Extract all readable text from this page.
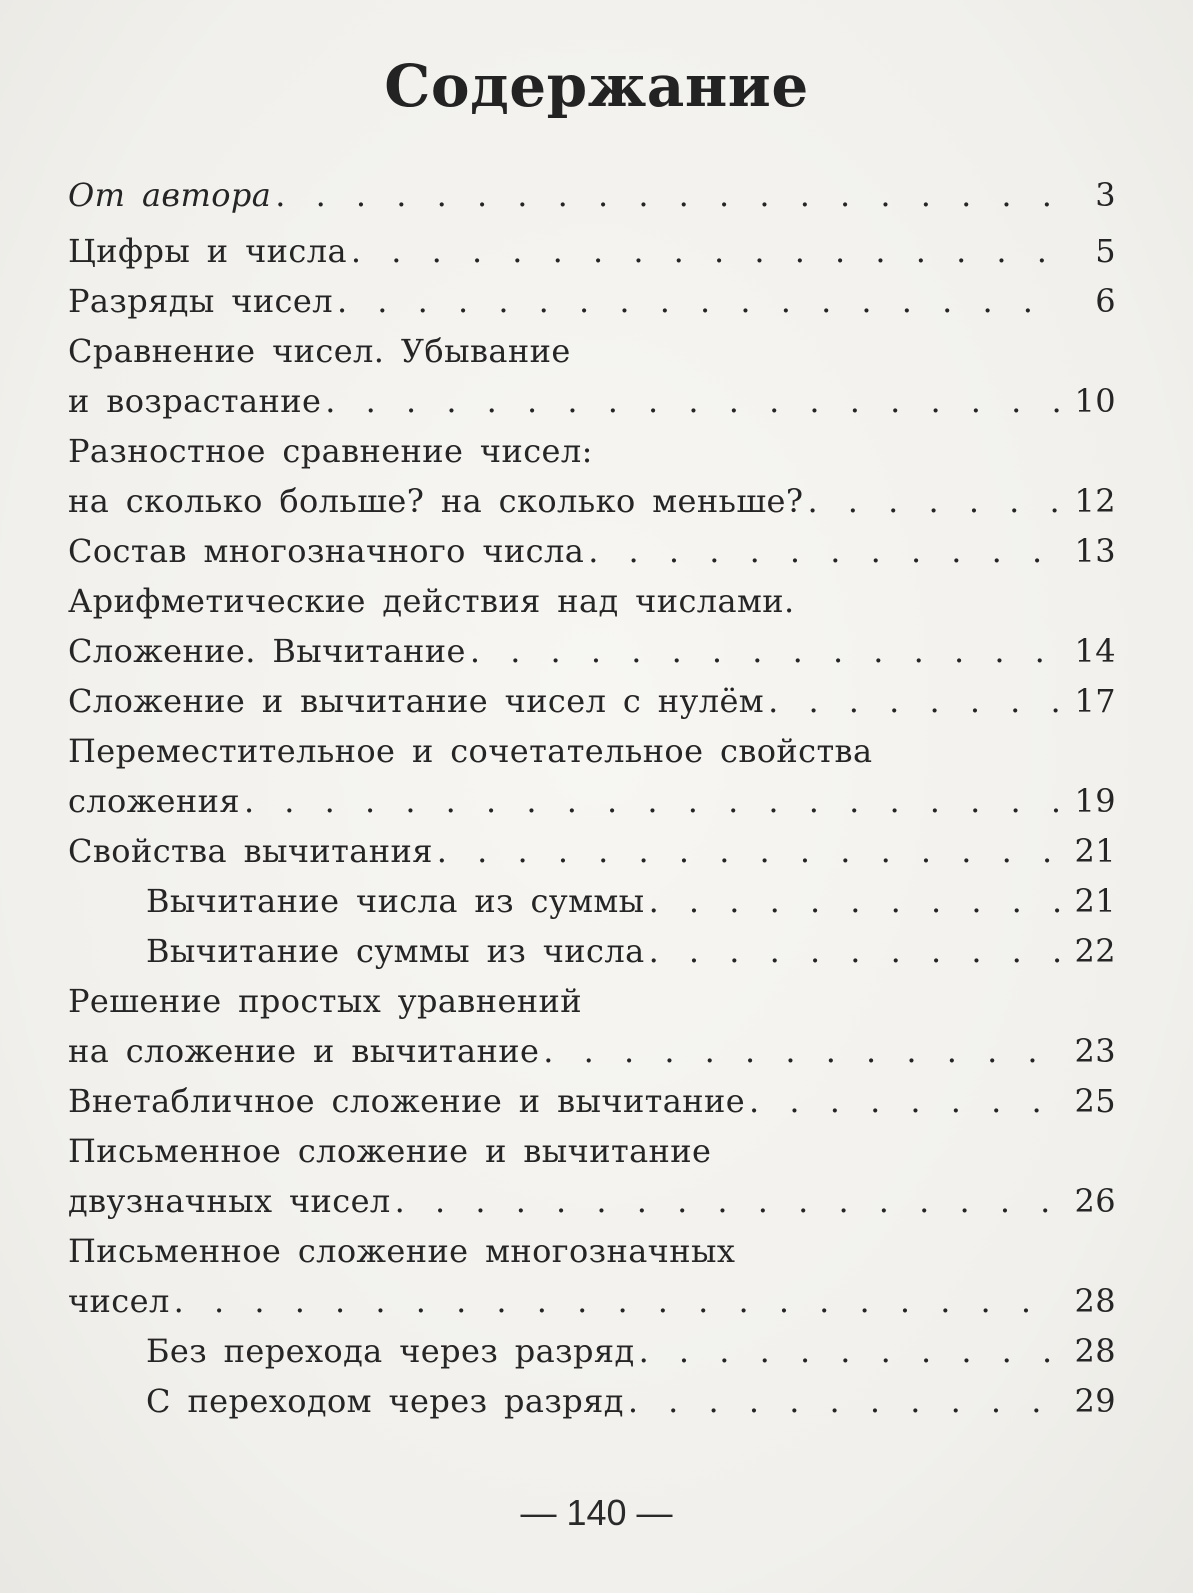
Содержание
От автора . . .	3
Цифры и числа . . .	5
Разряды чисел . . .	6
Сравнение чисел. Убывание
и возрастание . . .	10
Разностное сравнение чисел:
на сколько больше? на сколько меньше? . . .	12
Состав многозначного числа . . .	13
Арифметические действия над числами.
Сложение. Вычитание . . .	14
Сложение и вычитание чисел с нулём . . .	17
Переместительное и сочетательное свойства
сложения . . .	19
Свойства вычитания . . .	21
Вычитание числа из суммы . . .	21
Вычитание суммы из числа . . .	22
Решение простых уравнений
на сложение и вычитание . . .	23
Внетабличное сложение и вычитание . . .	25
Письменное сложение и вычитание
двузначных чисел . . .	26
Письменное сложение многозначных
чисел . . .	28
Без перехода через разряд . . .	28
С переходом через разряд . . .	29
— 140 —
